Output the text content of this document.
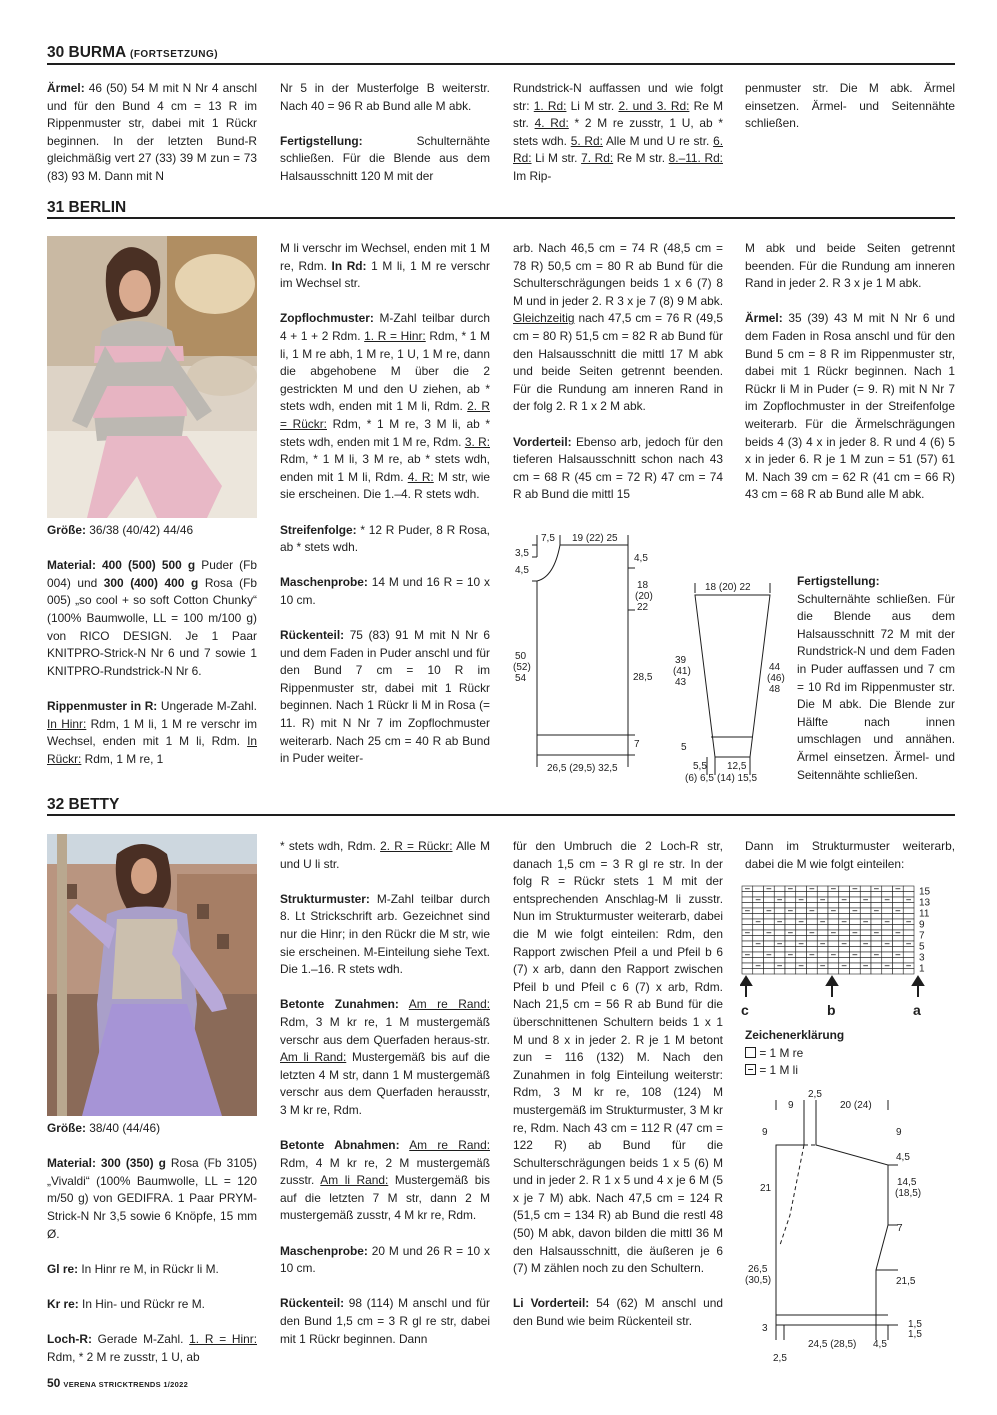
30 BURMA (FORTSETZUNG)

Ärmel: 46 (50) 54 M mit N Nr 4 anschl und für den Bund 4 cm = 13 R im Rippenmuster str, dabei mit 1 Rückr beginnen. In der letzten Bund-R gleichmäßig vert 27 (33) 39 M zun = 73 (83) 93 M. Dann mit N

Nr 5 in der Musterfolge B weiterstr. Nach 40 = 96 R ab Bund alle M abk.

Fertigstellung: Schulternähte schließen. Für die Blende aus dem Halsausschnitt 120 M mit der

Rundstrick-N auffassen und wie folgt str: 1. Rd: Li M str. 2. und 3. Rd: Re M str. 4. Rd: * 2 M re zusstr, 1 U, ab * stets wdh. 5. Rd: Alle M und U re str. 6. Rd: Li M str. 7. Rd: Re M str. 8.–11. Rd: Im Rip-

penmuster str. Die M abk. Ärmel einsetzen. Ärmel- und Seitennähte schließen.

31 BERLIN

Größe: 36/38 (40/42) 44/46

Material: 400 (500) 500 g Puder (Fb 004) und 300 (400) 400 g Rosa (Fb 005) „so cool + so soft Cotton Chunky“ (100% Baumwolle, LL = 100 m/100 g) von RICO DESIGN. Je 1 Paar KNITPRO-Strick-N Nr 6 und 7 sowie 1 KNITPRO-Rundstrick-N Nr 6.

Rippenmuster in R: Ungerade M-Zahl. In Hinr: Rdm, 1 M li, 1 M re verschr im Wechsel, enden mit 1 M li, Rdm. In Rückr: Rdm, 1 M re, 1

M li verschr im Wechsel, enden mit 1 M re, Rdm. In Rd: 1 M li, 1 M re verschr im Wechsel str.

Zopflochmuster: M-Zahl teilbar durch 4 + 1 + 2 Rdm. 1. R = Hinr: Rdm, * 1 M li, 1 M re abh, 1 M re, 1 U, 1 M re, dann die abgehobene M über die 2 gestrickten M und den U ziehen, ab * stets wdh, enden mit 1 M li, Rdm. 2. R = Rückr: Rdm, * 1 M re, 3 M li, ab * stets wdh, enden mit 1 M re, Rdm. 3. R: Rdm, * 1 M li, 3 M re, ab * stets wdh, enden mit 1 M li, Rdm. 4. R: M str, wie sie erscheinen. Die 1.–4. R stets wdh.

Streifenfolge: * 12 R Puder, 8 R Rosa, ab * stets wdh.

Maschenprobe: 14 M und 16 R = 10 x 10 cm.

Rückenteil: 75 (83) 91 M mit N Nr 6 und dem Faden in Puder anschl und für den Bund 7 cm = 10 R im Rippenmuster str, dabei mit 1 Rückr beginnen. Nach 1 Rückr li M in Rosa (= 11. R) mit N Nr 7 im Zopflochmuster weiterarb. Nach 25 cm = 40 R ab Bund in Puder weiter-

arb. Nach 46,5 cm = 74 R (48,5 cm = 78 R) 50,5 cm = 80 R ab Bund für die Schulterschrägungen beids 1 x 6 (7) 8 M und in jeder 2. R 3 x je 7 (8) 9 M abk. Gleichzeitig nach 47,5 cm = 76 R (49,5 cm = 80 R) 51,5 cm = 82 R ab Bund für den Halsausschnitt die mittl 17 M abk und beide Seiten getrennt beenden. Für die Rundung am inneren Rand in der folg 2. R 1 x 2 M abk.

Vorderteil: Ebenso arb, jedoch für den tieferen Halsausschnitt schon nach 43 cm = 68 R (45 cm = 72 R) 47 cm = 74 R ab Bund die mittl 15

7,5 19 (22) 25
3,5
4,5
4,5
18
(20)
22
50
(52)
54	28,5
7
26,5 (29,5) 32,5
18 (20) 22
39
(41)
43
44
(46)
48
5
5,5 12,5
(6) 6,5 (14) 15,5

M abk und beide Seiten getrennt beenden. Für die Rundung am inneren Rand in jeder 2. R 3 x je 1 M abk.

Ärmel: 35 (39) 43 M mit N Nr 6 und dem Faden in Rosa anschl und für den Bund 5 cm = 8 R im Rippenmuster str, dabei mit 1 Rückr beginnen. Nach 1 Rückr li M in Puder (= 9. R) mit N Nr 7 im Zopflochmuster in der Streifenfolge weiterarb. Für die Ärmelschrägungen beids 4 (3) 4 x in jeder 8. R und 4 (6) 5 x in jeder 6. R je 1 M zun = 51 (57) 61 M. Nach 39 cm = 62 R (41 cm = 66 R) 43 cm = 68 R ab Bund alle M abk.

Fertigstellung: Schulternähte schließen. Für die Blende aus dem Halsausschnitt 72 M mit der Rundstrick-N und dem Faden in Puder auffassen und 7 cm = 10 Rd im Rippenmuster str. Die M abk. Die Blende zur Hälfte nach innen umschlagen und annähen. Ärmel einsetzen. Ärmel- und Seitennähte schließen.

32 BETTY

Größe: 38/40 (44/46)

Material: 300 (350) g Rosa (Fb 3105) „Vivaldi“ (100% Baumwolle, LL = 120 m/50 g) von GEDIFRA. 1 Paar PRYM-Strick-N Nr 3,5 sowie 6 Knöpfe, 15 mm Ø.

Gl re: In Hinr re M, in Rückr li M.

Kr re: In Hin- und Rückr re M.

Loch-R: Gerade M-Zahl. 1. R = Hinr: Rdm, * 2 M re zusstr, 1 U, ab

* stets wdh, Rdm. 2. R = Rückr: Alle M und U li str.

Strukturmuster: M-Zahl teilbar durch 8. Lt Strickschrift arb. Gezeichnet sind nur die Hinr; in den Rückr die M str, wie sie erscheinen. M-Einteilung siehe Text. Die 1.–16. R stets wdh.

Betonte Zunahmen: Am re Rand: Rdm, 3 M kr re, 1 M mustergemäß verschr aus dem Querfaden heraus-str. Am li Rand: Mustergemäß bis auf die letzten 4 M str, dann 1 M mustergemäß verschr aus dem Querfaden herausstr, 3 M kr re, Rdm.

Betonte Abnahmen: Am re Rand: Rdm, 4 M kr re, 2 M mustergemäß zusstr. Am li Rand: Mustergemäß bis auf die letzten 7 M str, dann 2 M mustergemäß zusstr, 4 M kr re, Rdm.

Maschenprobe: 20 M und 26 R = 10 x 10 cm.

Rückenteil: 98 (114) M anschl und für den Bund 1,5 cm = 3 R gl re str, dabei mit 1 Rückr beginnen. Dann

für den Umbruch die 2 Loch-R str, danach 1,5 cm = 3 R gl re str. In der folg R = Rückr stets 1 M mit der entsprechenden Anschlag-M li zusstr. Nun im Strukturmuster weiterarb, dabei die M wie folgt einteilen: Rdm, den Rapport zwischen Pfeil a und Pfeil b 6 (7) x arb, dann den Rapport zwischen Pfeil b und Pfeil c 6 (7) x arb, Rdm. Nach 21,5 cm = 56 R ab Bund für die überschnittenen Schultern beids 1 x 1 M und 8 x in jeder 2. R je 1 M betont zun = 116 (132) M. Nach den Zunahmen in folg Einteilung weiterstr: Rdm, 3 M kr re, 108 (124) M mustergemäß im Strukturmuster, 3 M kr re, Rdm. Nach 43 cm = 112 R (47 cm = 122 R) ab Bund für die Schulterschrägungen beids 1 x 5 (6) M und in jeder 2. R 1 x 5 und 4 x je 6 M (5 x je 7 M) abk. Nach 47,5 cm = 124 R (51,5 cm = 134 R) ab Bund die restl 48 (50) M abk, davon bilden die mittl 36 M den Halsausschnitt, die äußeren je 6 (7) M zählen noch zu den Schultern.

Li Vorderteil: 54 (62) M anschl und den Bund wie beim Rückenteil str.

Dann im Strukturmuster weiterarb, dabei die M wie folgt einteilen:

15
13
11
9
7
5
3
1
c	b	a
Zeichenerklärung
= 1 M re
= 1 M li
2,5
9	20 (24)
9	9
4,5
21
14,5
(18,5)
7
26,5
(30,5)	21,5
3	1,5
1,5
24,5 (28,5) 4,5
2,5
50 VERENA STRICKTRENDS 1/2022
